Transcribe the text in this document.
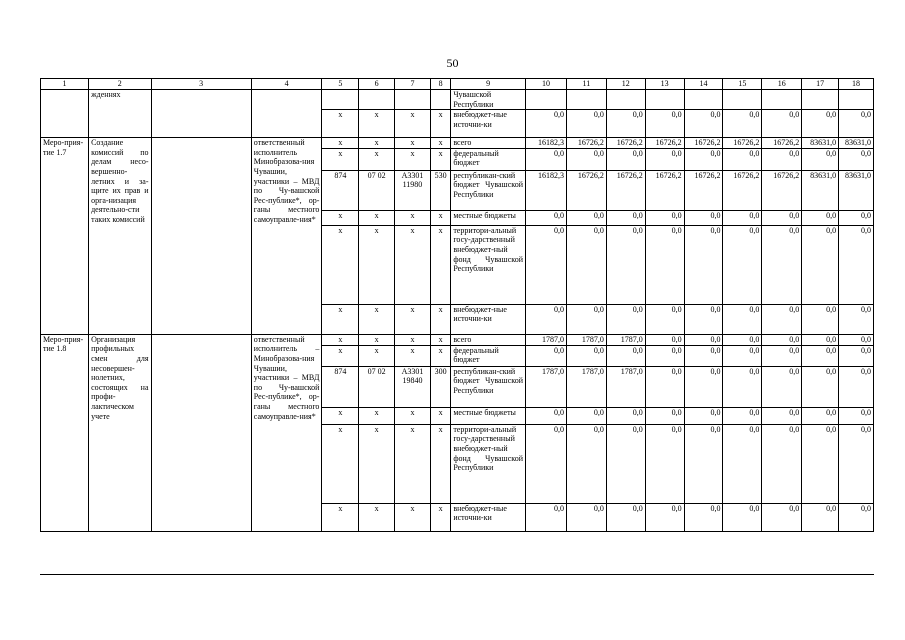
50
1	2	3	4	5	6	7	8	9	10	11	12	13	14	15	16	17	18
	жденнях							Чувашской Республики									
				х	х	х	х	внебюджет-ные источни-ки	0,0	0,0	0,0	0,0	0,0	0,0	0,0	0,0	0,0
Меро-прия-тие 1.7	Создание комиссий по делам несо-вершенно-летних и за-щите их прав и орга-низация деятельно-сти таких комиссий		ответственный исполнитель Минобразова-ния Чувашии, участники – МВД по Чу-вашской Рес-публике*, ор-ганы местного самоуправле-ния*	х	х	х	х	всего	16182,3	16726,2	16726,2	16726,2	16726,2	16726,2	16726,2	83631,0	83631,0
				х	х	х	х	федеральный бюджет	0,0	0,0	0,0	0,0	0,0	0,0	0,0	0,0	0,0
				874	07 02	А3301 11980	530	республикан-ский бюджет Чувашской Республики	16182,3	16726,2	16726,2	16726,2	16726,2	16726,2	16726,2	83631,0	83631,0
				х	х	х	х	местные бюджеты	0,0	0,0	0,0	0,0	0,0	0,0	0,0	0,0	0,0
				х	х	х	х	территори-альный госу-дарственный внебюджет-ный фонд Чувашской Республики	0,0	0,0	0,0	0,0	0,0	0,0	0,0	0,0	0,0
				х	х	х	х	внебюджет-ные источни-ки	0,0	0,0	0,0	0,0	0,0	0,0	0,0	0,0	0,0
Меро-прия-тие 1.8	Организация профильных смен для несовершен-нолетних, состоящих на профи-лактическом учете		ответственный исполнитель – Минобразова-ния Чувашии, участники – МВД по Чу-вашской Рес-публике*, ор-ганы местного самоуправле-ния*	х	х	х	х	всего	1787,0	1787,0	1787,0	0,0	0,0	0,0	0,0	0,0	0,0
				х	х	х	х	федеральный бюджет	0,0	0,0	0,0	0,0	0,0	0,0	0,0	0,0	0,0
				874	07 02	А3301 19840	300	республикан-ский бюджет Чувашской Республики	1787,0	1787,0	1787,0	0,0	0,0	0,0	0,0	0,0	0,0
				х	х	х	х	местные бюджеты	0,0	0,0	0,0	0,0	0,0	0,0	0,0	0,0	0,0
				х	х	х	х	территори-альный госу-дарственный внебюджет-ный фонд Чувашской Республики	0,0	0,0	0,0	0,0	0,0	0,0	0,0	0,0	0,0
				х	х	х	х	внебюджет-ные источни-ки	0,0	0,0	0,0	0,0	0,0	0,0	0,0	0,0	0,0
